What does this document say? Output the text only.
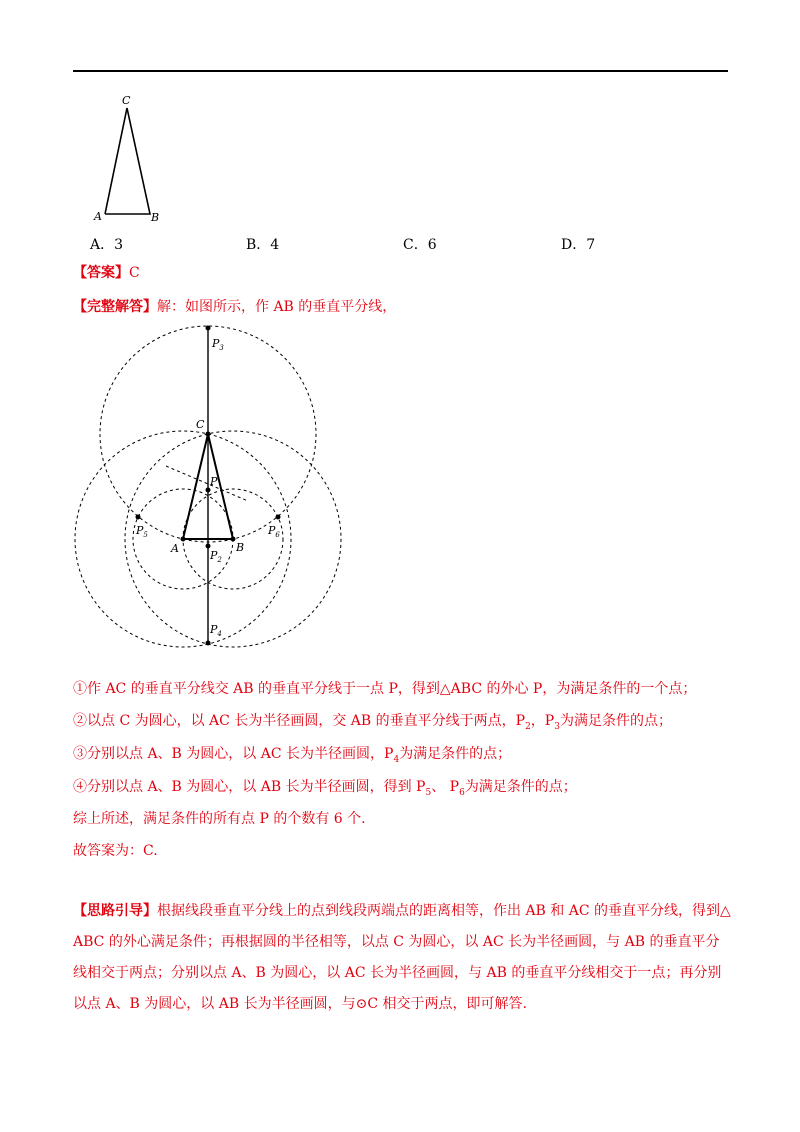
C
A	B
A．3	B．4	C．6	D．7
【答案】C
【完整解答】解：如图所示，作 AB 的垂直平分线，
$P_3$
C
P
$P_5$
A
$P_2$
B
$P_6$
$P_4$
①作 AC 的垂直平分线交 AB 的垂直平分线于一点 P，得到△ABC 的外心 P，为满足条件的一个点；
②以点 C 为圆心，以 AC 长为半径画圆，交 AB 的垂直平分线于两点，$P_2$，$P_3$为满足条件的点；
③分别以点 A、B 为圆心，以 AC 长为半径画圆，$P_4$为满足条件的点；
④分别以点 A、B 为圆心，以 AB 长为半径画圆，得到 $P_5$、 $P_6$为满足条件的点；
综上所述，满足条件的所有点 P 的个数有 6 个.
故答案为：C.
【思路引导】根据线段垂直平分线上的点到线段两端点的距离相等，作出 AB 和 AC 的垂直平分线，得到△ ABC 的外心满足条件；再根据圆的半径相等，以点 C 为圆心，以 AC 长为半径画圆，与 AB 的垂直平分线相交于两点；分别以点 A、B 为圆心，以 AC 长为半径画圆，与 AB 的垂直平分线相交于一点；再分别以点 A、B 为圆心，以 AB 长为半径画圆，与⊙C 相交于两点，即可解答.
